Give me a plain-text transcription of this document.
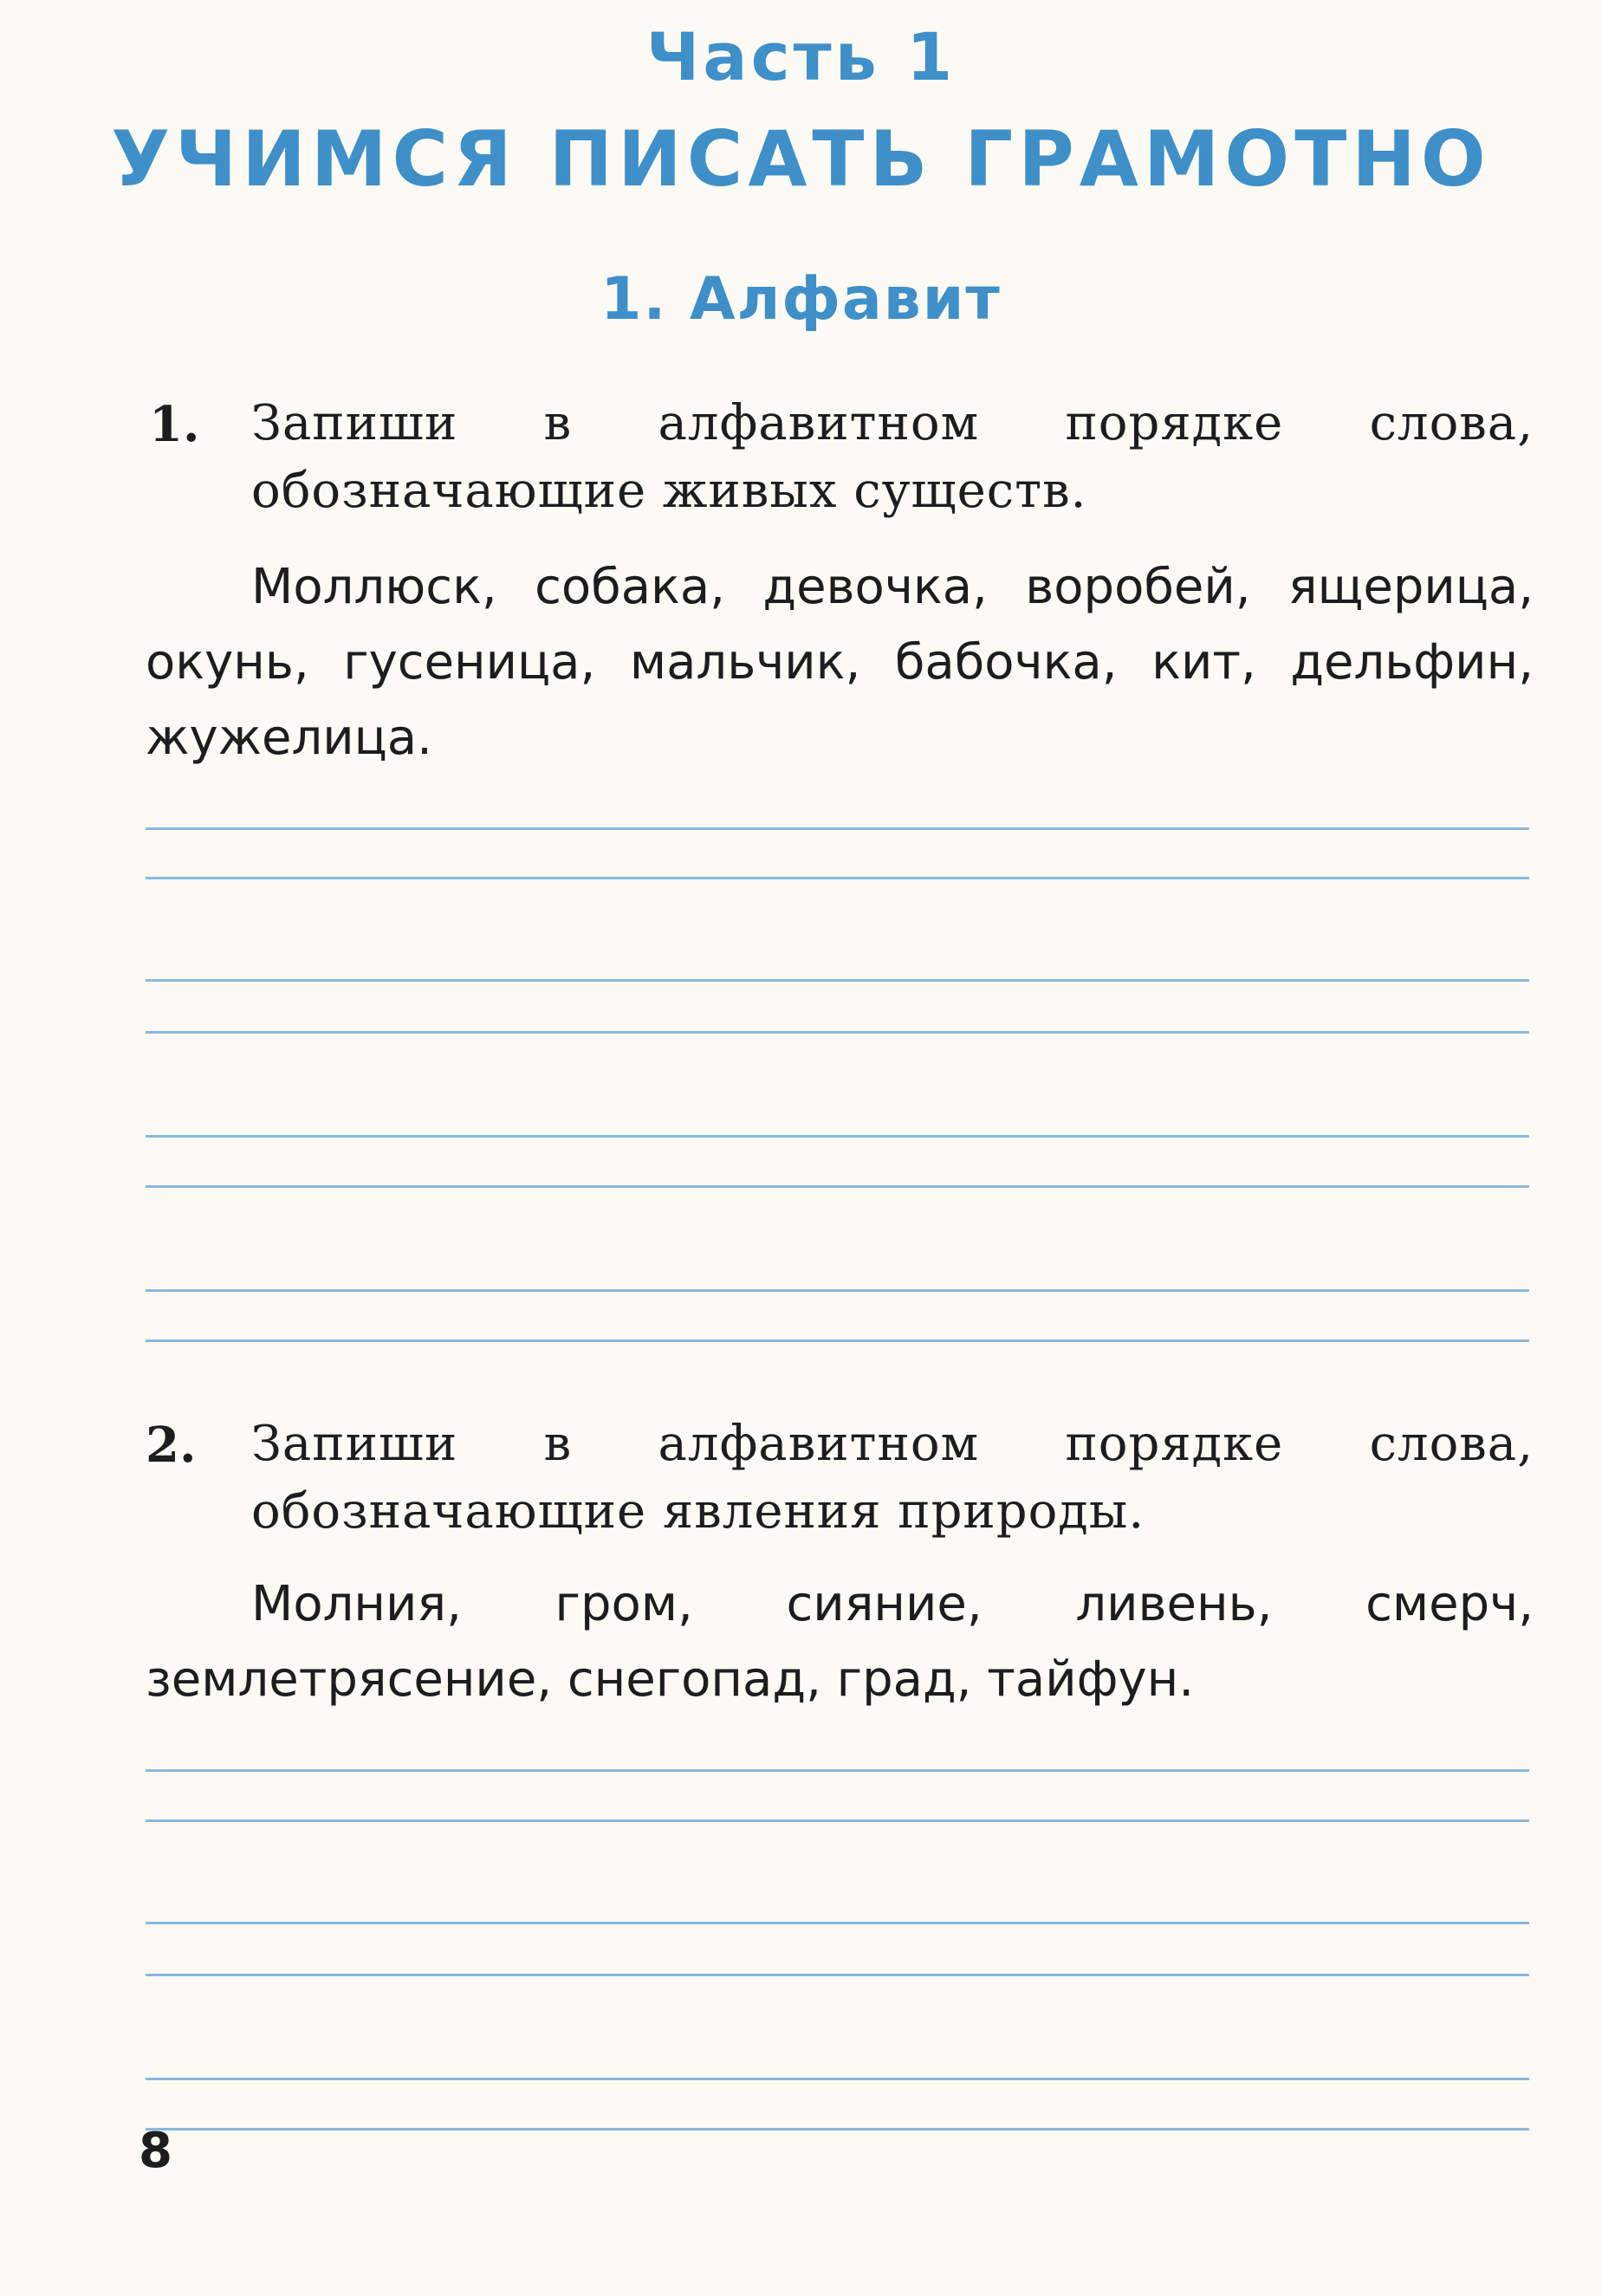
Часть 1
УЧИМСЯ ПИСАТЬ ГРАМОТНО
1. Алфавит
1. Запиши в алфавитном порядке слова, обозначающие живых существ.

Моллюск, собака, девочка, воробей, ящерица, окунь, гусеница, мальчик, бабочка, кит, дельфин, жужелица.

2. Запиши в алфавитном порядке слова, обозначающие явления природы.

Молния, гром, сияние, ливень, смерч, землетрясение, снегопад, град, тайфун.

8
